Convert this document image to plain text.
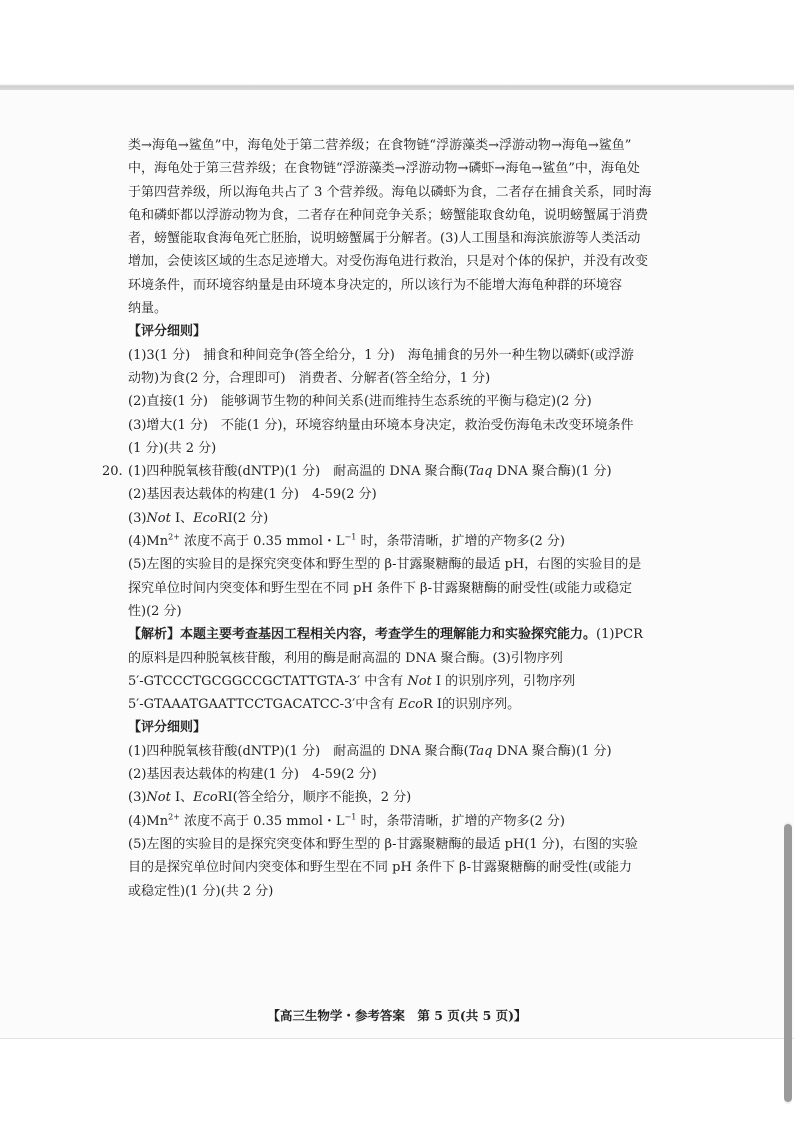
类→海龟→鲨鱼”中，海龟处于第二营养级；在食物链“浮游藻类→浮游动物→海龟→鲨鱼”

中，海龟处于第三营养级；在食物链“浮游藻类→浮游动物→磷虾→海龟→鲨鱼”中，海龟处

于第四营养级，所以海龟共占了 3 个营养级。海龟以磷虾为食，二者存在捕食关系，同时海

龟和磷虾都以浮游动物为食，二者存在种间竞争关系；螃蟹能取食幼龟，说明螃蟹属于消费

者，螃蟹能取食海龟死亡胚胎，说明螃蟹属于分解者。(3)人工围垦和海滨旅游等人类活动

增加，会使该区域的生态足迹增大。对受伤海龟进行救治，只是对个体的保护，并没有改变

环境条件，而环境容纳量是由环境本身决定的，所以该行为不能增大海龟种群的环境容

纳量。

【评分细则】

(1)3(1 分)　捕食和种间竞争(答全给分，1 分)　海龟捕食的另外一种生物以磷虾(或浮游

动物)为食(2 分，合理即可)　消费者、分解者(答全给分，1 分)

(2)直接(1 分)　能够调节生物的种间关系(进而维持生态系统的平衡与稳定)(2 分)

(3)增大(1 分)　不能(1 分)，环境容纳量由环境本身决定，救治受伤海龟未改变环境条件

(1 分)(共 2 分)

20. (1)四种脱氧核苷酸(dNTP)(1 分)　耐高温的 DNA 聚合酶(Taq DNA 聚合酶)(1 分)

(2)基因表达载体的构建(1 分)　4-59(2 分)

(3)Not Ⅰ、EcoRⅠ(2 分)

$(4)Mn^{2+}$ 浓度不高于 0.35 mmol・$L^{-1}$ 时，条带清晰，扩增的产物多(2 分)

(5)左图的实验目的是探究突变体和野生型的 β-甘露聚糖酶的最适 pH，右图的实验目的是

探究单位时间内突变体和野生型在不同 pH 条件下 β-甘露聚糖酶的耐受性(或能力或稳定

性)(2 分)

【解析】本题主要考查基因工程相关内容，考查学生的理解能力和实验探究能力。(1)PCR

的原料是四种脱氧核苷酸，利用的酶是耐高温的 DNA 聚合酶。(3)引物序列

5′-GTCCCTGCGGCCGCTATTGTA-3′ 中含有 Not Ⅰ 的识别序列，引物序列

5′-GTAAATGAATTCCTGACATCC-3′中含有 EcoR Ⅰ的识别序列。

【评分细则】

(1)四种脱氧核苷酸(dNTP)(1 分)　耐高温的 DNA 聚合酶(Taq DNA 聚合酶)(1 分)

(2)基因表达载体的构建(1 分)　4-59(2 分)

(3)Not Ⅰ、EcoRⅠ(答全给分，顺序不能换，2 分)

$(4)Mn^{2+}$ 浓度不高于 0.35 mmol・$L^{-1}$ 时，条带清晰，扩增的产物多(2 分)

(5)左图的实验目的是探究突变体和野生型的 β-甘露聚糖酶的最适 pH(1 分)，右图的实验

目的是探究单位时间内突变体和野生型在不同 pH 条件下 β-甘露聚糖酶的耐受性(或能力

或稳定性)(1 分)(共 2 分)

【高三生物学・参考答案　第 5 页(共 5 页)】
